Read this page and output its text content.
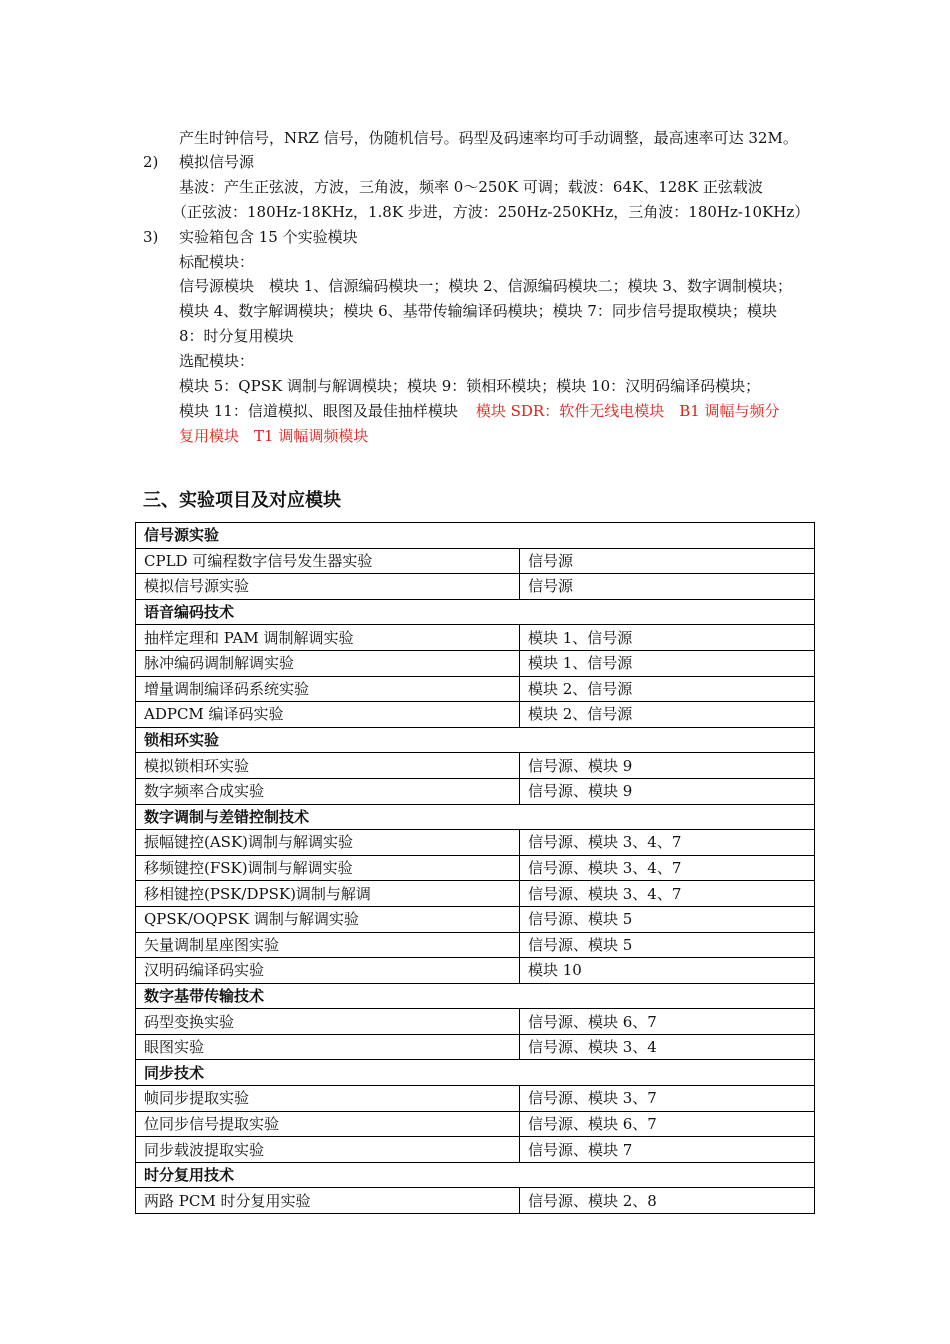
产生时钟信号，NRZ 信号，伪随机信号。码型及码速率均可手动调整，最高速率可达 32M。
2) 模拟信号源
基波：产生正弦波，方波，三角波，频率 0～250K 可调；载波：64K、128K 正弦载波
（正弦波：180Hz-18KHz，1.8K 步进，方波：250Hz-250KHz，三角波：180Hz-10KHz）
3) 实验箱包含 15 个实验模块
标配模块：
信号源模块　模块 1、信源编码模块一；模块 2、信源编码模块二；模块 3、数字调制模块；
模块 4、数字解调模块；模块 6、基带传输编译码模块；模块 7：同步信号提取模块；模块
8：时分复用模块
选配模块：
模块 5：QPSK 调制与解调模块；模块 9：锁相环模块；模块 10：汉明码编译码模块；
模块 11：信道模拟、眼图及最佳抽样模块 模块 SDR：软件无线电模块　B1 调幅与频分
复用模块　T1 调幅调频模块
三、实验项目及对应模块
信号源实验	
CPLD 可编程数字信号发生器实验	信号源
模拟信号源实验	信号源
语音编码技术	
抽样定理和 PAM 调制解调实验	模块 1、信号源
脉冲编码调制解调实验	模块 1、信号源
增量调制编译码系统实验	模块 2、信号源
ADPCM 编译码实验	模块 2、信号源
锁相环实验	
模拟锁相环实验	信号源、模块 9
数字频率合成实验	信号源、模块 9
数字调制与差错控制技术	
振幅键控(ASK)调制与解调实验	信号源、模块 3、4、7
移频键控(FSK)调制与解调实验	信号源、模块 3、4、7
移相键控(PSK/DPSK)调制与解调	信号源、模块 3、4、7
QPSK/OQPSK 调制与解调实验	信号源、模块 5
矢量调制星座图实验	信号源、模块 5
汉明码编译码实验	模块 10
数字基带传输技术	
码型变换实验	信号源、模块 6、7
眼图实验	信号源、模块 3、4
同步技术	
帧同步提取实验	信号源、模块 3、7
位同步信号提取实验	信号源、模块 6、7
同步载波提取实验	信号源、模块 7
时分复用技术	
两路 PCM 时分复用实验	信号源、模块 2、8
